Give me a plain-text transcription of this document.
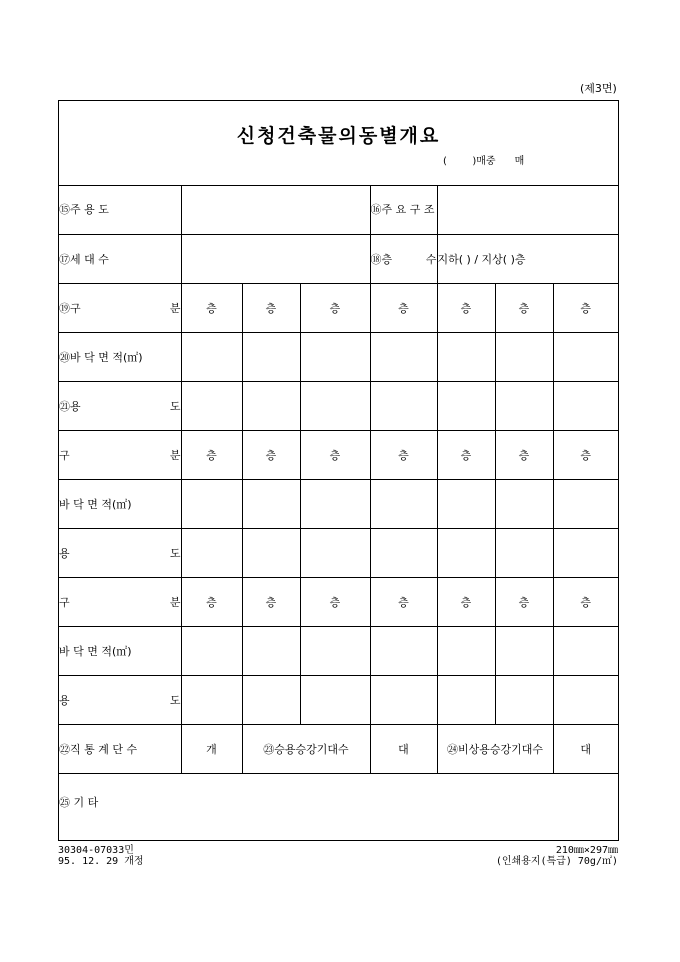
(제3면)
신청건축물의동별개요
(        )매중      매
⑮주 용 도				⑯주 요 구 조			
⑰세 대 수				⑱층 수	지하( ) / 지상( )층		
⑲구 분	층	층	층	층	층	층	층
⑳바 닥 면 적(㎡)							
㉑용 도							

구 분	층	층	층	층	층	층	층
바 닥 면 적(㎡)							
용 도							

구 분	층	층	층	층	층	층	층
바 닥 면 적(㎡)							
용 도							

㉒직 통 계 단 수	개	㉓승용승강기대수		대	㉔비상용승강기대수		대
㉕ 기 타							
30304-07033민
95. 12. 29 개정
210㎜×297㎜
(인쇄용지(특급) 70g/㎡)
